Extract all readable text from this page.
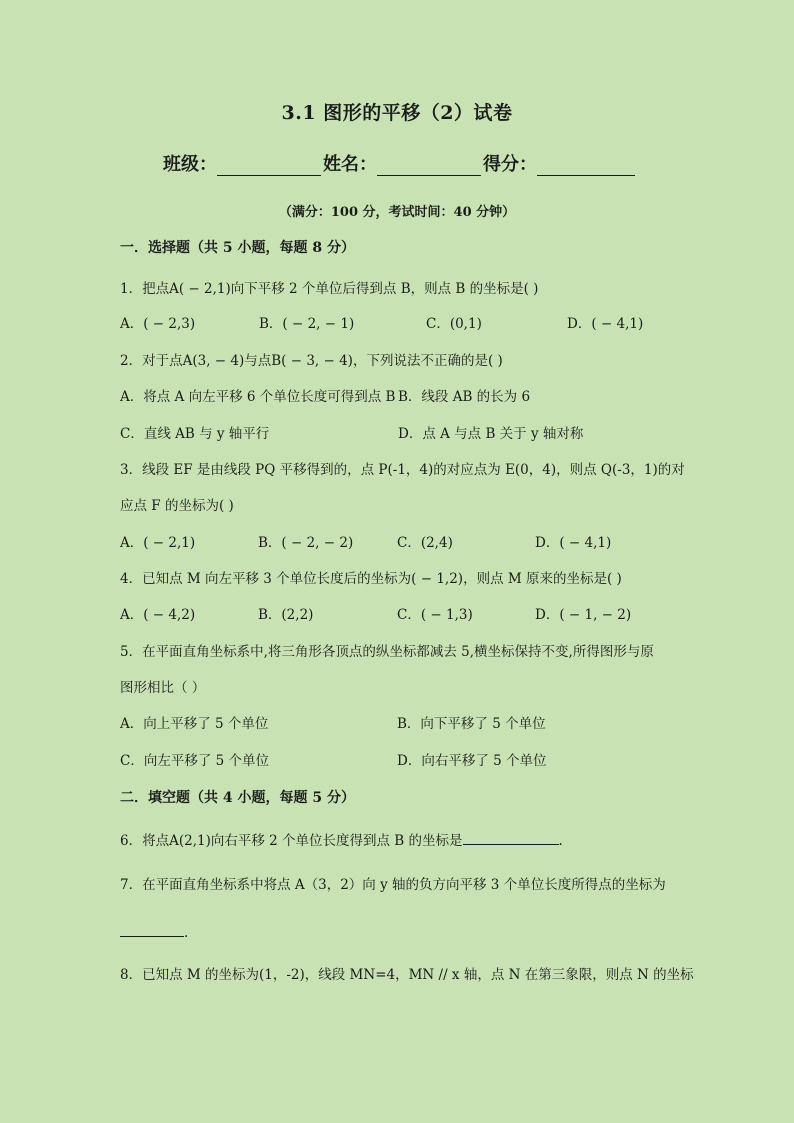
3.1 图形的平移（2）试卷
班级：	姓名：	得分：
（满分：100 分，考试时间：40 分钟）
一．选择题（共 5 小题，每题 8 分）
1．把点A( − 2,1)向下平移 2 个单位后得到点 B，则点 B 的坐标是( )
A．( − 2,3)	B．( − 2, − 1)	C．(0,1)	D．( − 4,1)
2．对于点A(3, − 4)与点B( − 3, − 4)，下列说法不正确的是( )
A．将点 A 向左平移 6 个单位长度可得到点 B B．线段 AB 的长为 6
C．直线 AB 与 y 轴平行	D．点 A 与点 B 关于 y 轴对称
3．线段 EF 是由线段 PQ 平移得到的，点 P(-1，4)的对应点为 E(0，4)，则点 Q(-3，1)的对
应点 F 的坐标为( )
A．( − 2,1)	B．( − 2, − 2)	C．(2,4)	D．( − 4,1)
4．已知点 M 向左平移 3 个单位长度后的坐标为( − 1,2)，则点 M 原来的坐标是( )
A．( − 4,2)	B．(2,2)	C．( − 1,3)	D．( − 1, − 2)
5．在平面直角坐标系中,将三角形各顶点的纵坐标都减去 5,横坐标保持不变,所得图形与原
图形相比（ ）
A．向上平移了 5 个单位	B．向下平移了 5 个单位
C．向左平移了 5 个单位	D．向右平移了 5 个单位
二．填空题（共 4 小题，每题 5 分）
6．将点A(2,1)向右平移 2 个单位长度得到点 B 的坐标是	.
7．在平面直角坐标系中将点 A（3，2）向 y 轴的负方向平移 3 个单位长度所得点的坐标为
.
8．已知点 M 的坐标为(1，-2)，线段 MN=4，MN // x 轴，点 N 在第三象限，则点 N 的坐标
